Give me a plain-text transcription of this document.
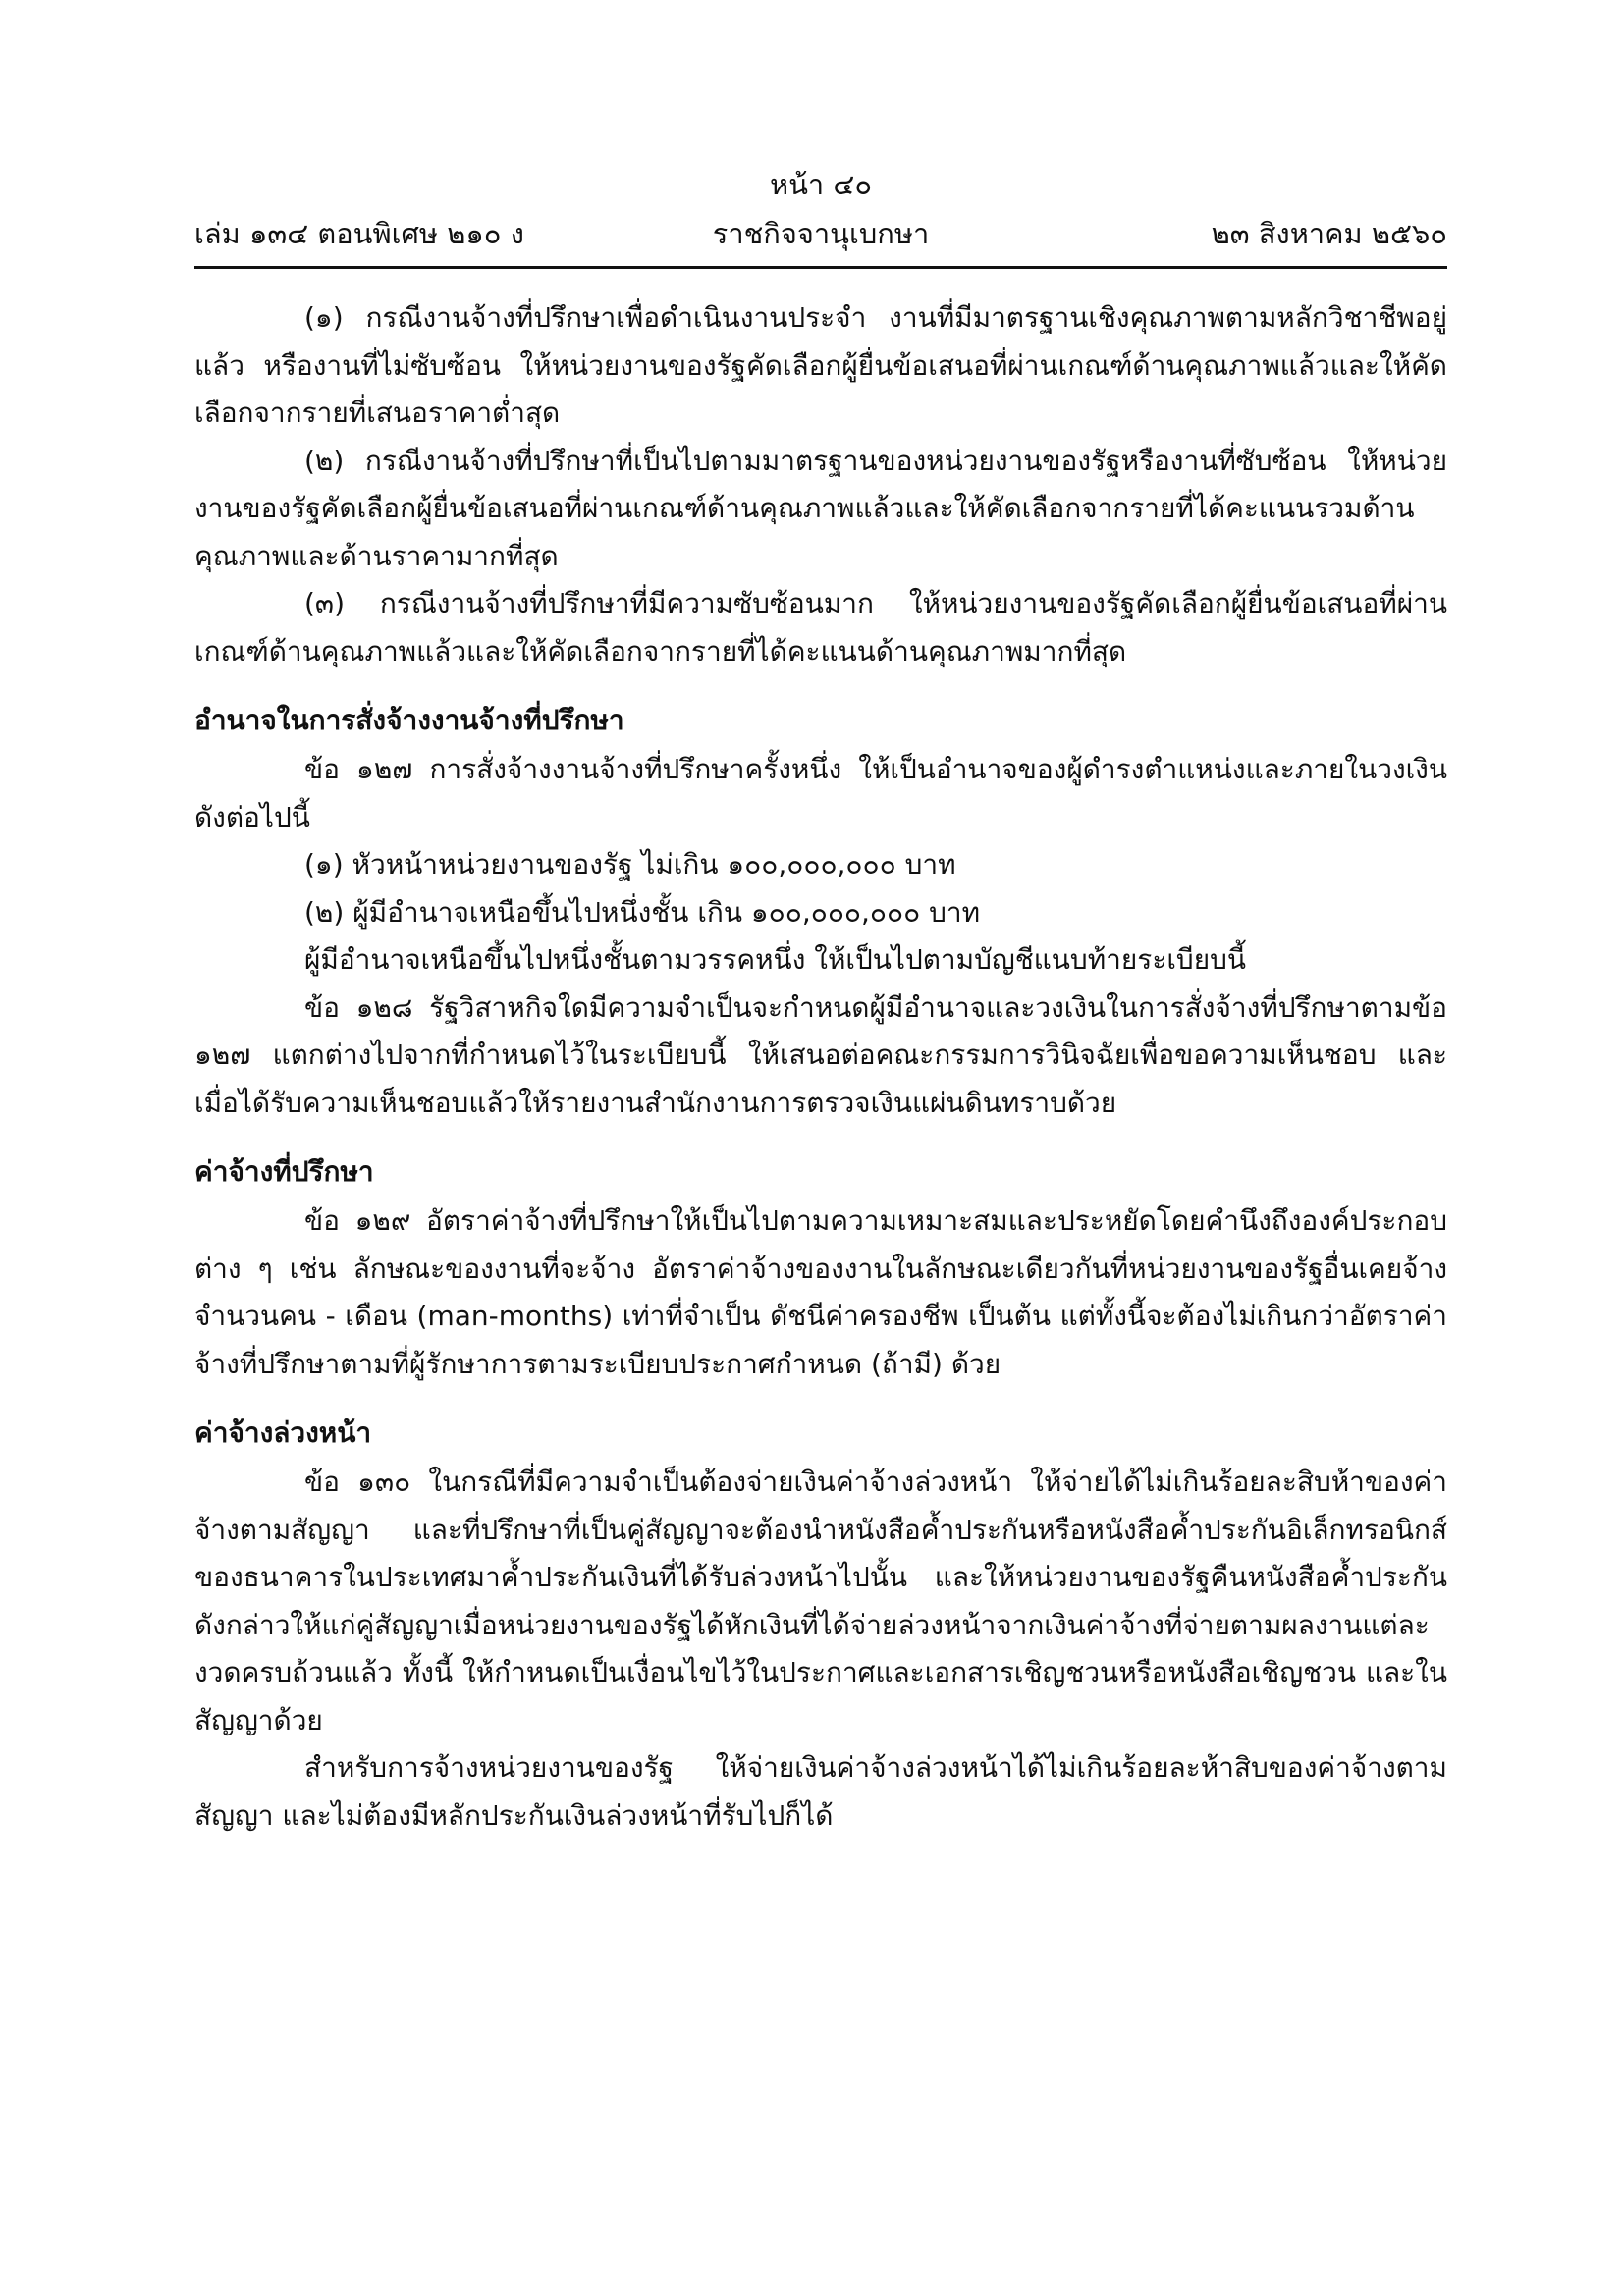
หน้า ๔๐
เล่ม ๑๓๔ ตอนพิเศษ ๒๑๐ ง	ราชกิจจานุเบกษา	๒๓ สิงหาคม ๒๕๖๐

(๑) กรณีงานจ้างที่ปรึกษาเพื่อดำเนินงานประจำ งานที่มีมาตรฐานเชิงคุณภาพตามหลักวิชาชีพอยู่แล้ว หรืองานที่ไม่ซับซ้อน ให้หน่วยงานของรัฐคัดเลือกผู้ยื่นข้อเสนอที่ผ่านเกณฑ์ด้านคุณภาพแล้วและให้คัดเลือกจากรายที่เสนอราคาต่ำสุด

(๒) กรณีงานจ้างที่ปรึกษาที่เป็นไปตามมาตรฐานของหน่วยงานของรัฐหรืองานที่ซับซ้อน ให้หน่วยงานของรัฐคัดเลือกผู้ยื่นข้อเสนอที่ผ่านเกณฑ์ด้านคุณภาพแล้วและให้คัดเลือกจากรายที่ได้คะแนนรวมด้านคุณภาพและด้านราคามากที่สุด

(๓) กรณีงานจ้างที่ปรึกษาที่มีความซับซ้อนมาก ให้หน่วยงานของรัฐคัดเลือกผู้ยื่นข้อเสนอที่ผ่านเกณฑ์ด้านคุณภาพแล้วและให้คัดเลือกจากรายที่ได้คะแนนด้านคุณภาพมากที่สุด

อำนาจในการสั่งจ้างงานจ้างที่ปรึกษา

ข้อ ๑๒๗ การสั่งจ้างงานจ้างที่ปรึกษาครั้งหนึ่ง ให้เป็นอำนาจของผู้ดำรงตำแหน่งและภายในวงเงินดังต่อไปนี้

(๑) หัวหน้าหน่วยงานของรัฐ ไม่เกิน ๑๐๐,๐๐๐,๐๐๐ บาท

(๒) ผู้มีอำนาจเหนือขึ้นไปหนึ่งชั้น เกิน ๑๐๐,๐๐๐,๐๐๐ บาท

ผู้มีอำนาจเหนือขึ้นไปหนึ่งชั้นตามวรรคหนึ่ง ให้เป็นไปตามบัญชีแนบท้ายระเบียบนี้

ข้อ ๑๒๘ รัฐวิสาหกิจใดมีความจำเป็นจะกำหนดผู้มีอำนาจและวงเงินในการสั่งจ้างที่ปรึกษาตามข้อ ๑๒๗ แตกต่างไปจากที่กำหนดไว้ในระเบียบนี้ ให้เสนอต่อคณะกรรมการวินิจฉัยเพื่อขอความเห็นชอบ และเมื่อได้รับความเห็นชอบแล้วให้รายงานสำนักงานการตรวจเงินแผ่นดินทราบด้วย

ค่าจ้างที่ปรึกษา

ข้อ ๑๒๙ อัตราค่าจ้างที่ปรึกษาให้เป็นไปตามความเหมาะสมและประหยัดโดยคำนึงถึงองค์ประกอบต่าง ๆ เช่น ลักษณะของงานที่จะจ้าง อัตราค่าจ้างของงานในลักษณะเดียวกันที่หน่วยงานของรัฐอื่นเคยจ้าง จำนวนคน - เดือน (man-months) เท่าที่จำเป็น ดัชนีค่าครองชีพ เป็นต้น แต่ทั้งนี้จะต้องไม่เกินกว่าอัตราค่าจ้างที่ปรึกษาตามที่ผู้รักษาการตามระเบียบประกาศกำหนด (ถ้ามี) ด้วย

ค่าจ้างล่วงหน้า

ข้อ ๑๓๐ ในกรณีที่มีความจำเป็นต้องจ่ายเงินค่าจ้างล่วงหน้า ให้จ่ายได้ไม่เกินร้อยละสิบห้าของค่าจ้างตามสัญญา และที่ปรึกษาที่เป็นคู่สัญญาจะต้องนำหนังสือค้ำประกันหรือหนังสือค้ำประกันอิเล็กทรอนิกส์ของธนาคารในประเทศมาค้ำประกันเงินที่ได้รับล่วงหน้าไปนั้น และให้หน่วยงานของรัฐคืนหนังสือค้ำประกันดังกล่าวให้แก่คู่สัญญาเมื่อหน่วยงานของรัฐได้หักเงินที่ได้จ่ายล่วงหน้าจากเงินค่าจ้างที่จ่ายตามผลงานแต่ละงวดครบถ้วนแล้ว ทั้งนี้ ให้กำหนดเป็นเงื่อนไขไว้ในประกาศและเอกสารเชิญชวนหรือหนังสือเชิญชวน และในสัญญาด้วย

สำหรับการจ้างหน่วยงานของรัฐ ให้จ่ายเงินค่าจ้างล่วงหน้าได้ไม่เกินร้อยละห้าสิบของค่าจ้างตามสัญญา และไม่ต้องมีหลักประกันเงินล่วงหน้าที่รับไปก็ได้
